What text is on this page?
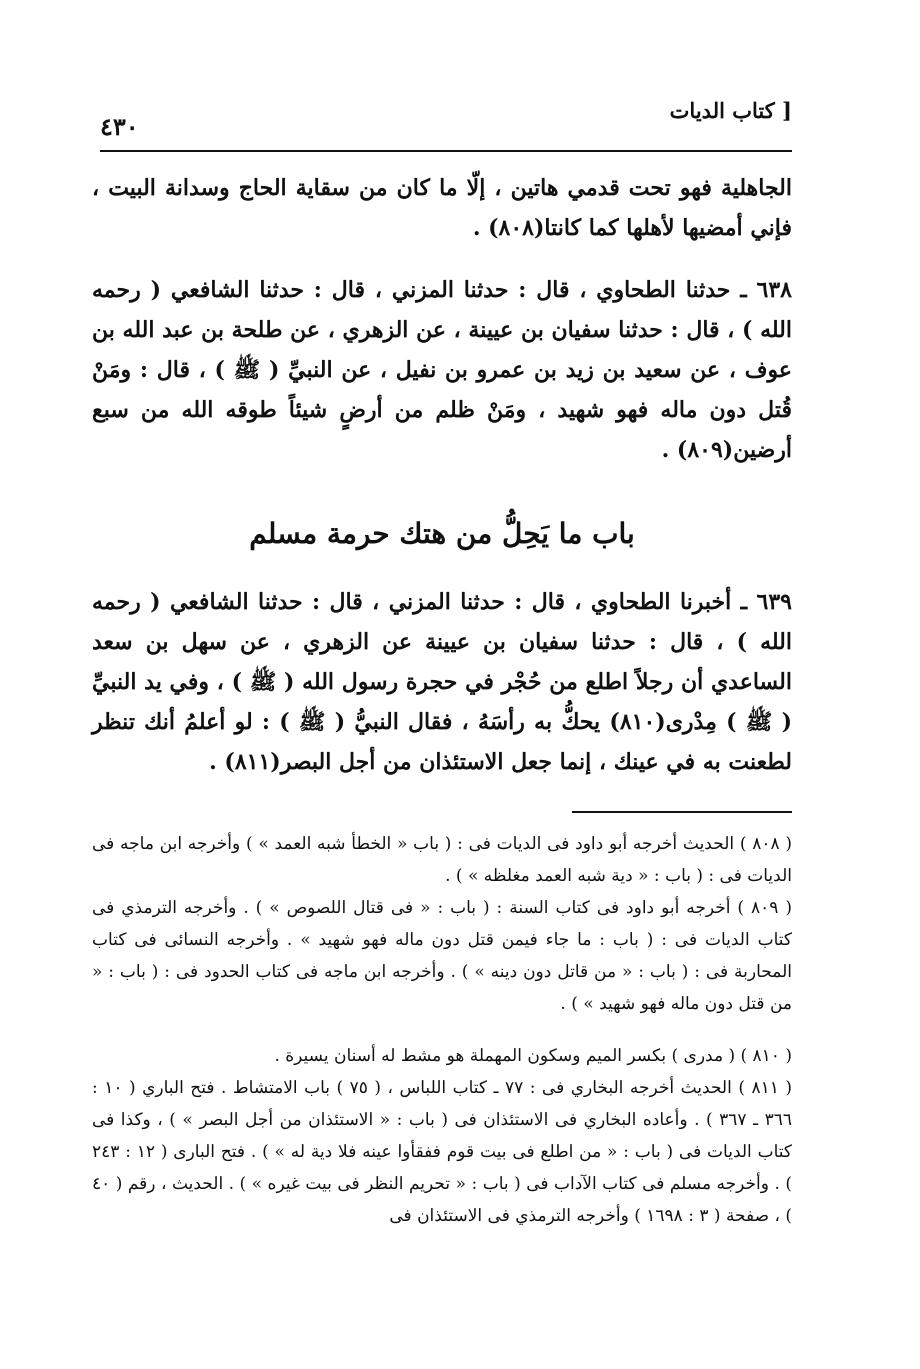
[ كتاب الديات
٤٣٠

الجاهلية فهو تحت قدمي هاتين ، إلّا ما كان من سقاية الحاج وسدانة البيت ، فإني أمضيها لأهلها كما كانتا(٨٠٨) .

٦٣٨ ـ حدثنا الطحاوي ، قال : حدثنا المزني ، قال : حدثنا الشافعي ( رحمه الله ) ، قال : حدثنا سفيان بن عيينة ، عن الزهري ، عن طلحة بن عبد الله بن عوف ، عن سعيد بن زيد بن عمرو بن نفيل ، عن النبيِّ ( ﷺ ) ، قال : ومَنْ قُتل دون ماله فهو شهيد ، ومَنْ ظلم من أرضٍ شيئاً طوقه الله من سبع أرضين(٨٠٩) .

باب ما يَحِلُّ من هتك حرمة مسلم

٦٣٩ ـ أخبرنا الطحاوي ، قال : حدثنا المزني ، قال : حدثنا الشافعي ( رحمه الله ) ، قال : حدثنا سفيان بن عيينة عن الزهري ، عن سهل بن سعد الساعدي أن رجلاً اطلع من حُجْر في حجرة رسول الله ( ﷺ ) ، وفي يد النبيِّ ( ﷺ ) مِدْرى(٨١٠) يحكُّ به رأسَهُ ، فقال النبيُّ ( ﷺ ) : لو أعلمُ أنك تنظر لطعنت به في عينك ، إنما جعل الاستئذان من أجل البصر(٨١١) .

( ٨٠٨ ) الحديث أخرجه أبو داود فى الديات فى : ( باب « الخطأ شبه العمد » ) وأخرجه ابن ماجه فى الديات فى : ( باب : « دية شبه العمد مغلظه » ) .

( ٨٠٩ ) أخرجه أبو داود فى كتاب السنة : ( باب : « فى قتال اللصوص » ) . وأخرجه الترمذي فى كتاب الديات فى : ( باب : ما جاء فيمن قتل دون ماله فهو شهيد » . وأخرجه النسائى فى كتاب المحاربة فى : ( باب : « من قاتل دون دينه » ) . وأخرجه ابن ماجه فى كتاب الحدود فى : ( باب : « من قتل دون ماله فهو شهيد » ) .

( ٨١٠ ) ( مدرى ) بكسر الميم وسكون المهملة هو مشط له أسنان يسيرة .

( ٨١١ ) الحديث أخرجه البخاري فى : ٧٧ ـ كتاب اللباس ، ( ٧٥ ) باب الامتشاط . فتح الباري ( ١٠ : ٣٦٦ ـ ٣٦٧ ) . وأعاده البخاري فى الاستئذان فى ( باب : « الاستئذان من أجل البصر » ) ، وكذا فى كتاب الديات فى ( باب : « من اطلع فى بيت قوم ففقأوا عينه فلا دية له » ) . فتح البارى ( ١٢ : ٢٤٣ ) . وأخرجه مسلم فى كتاب الآداب فى ( باب : « تحريم النظر فى بيت غيره » ) . الحديث ، رقم ( ٤٠ ) ، صفحة ( ٣ : ١٦٩٨ ) وأخرجه الترمذي فى الاستئذان فى
